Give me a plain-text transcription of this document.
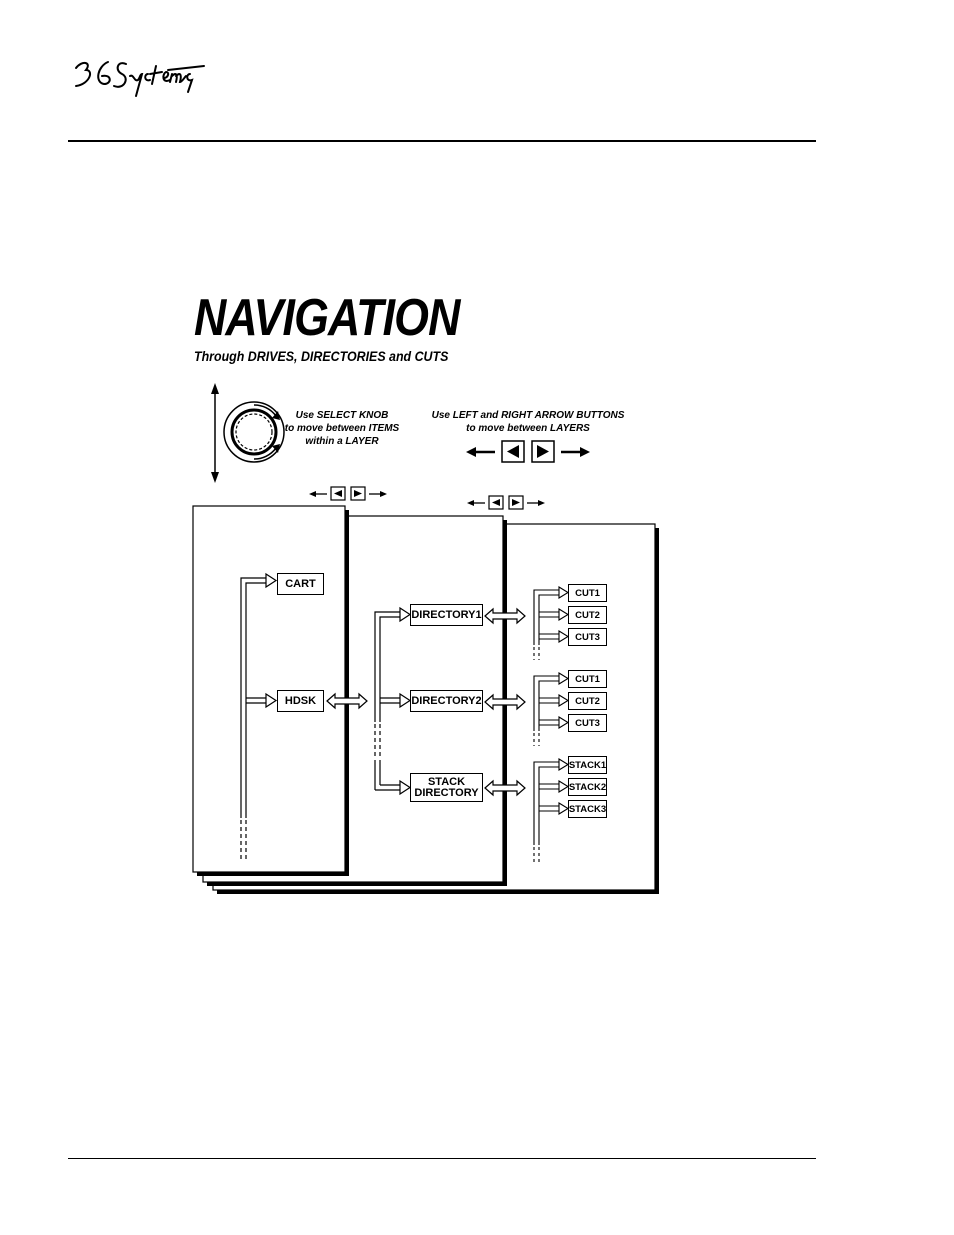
NAVIGATION
Through DRIVES, DIRECTORIES and CUTS
Use SELECT KNOB
to move between ITEMS
within a LAYER
Use LEFT and RIGHT ARROW BUTTONS
to move between LAYERS
CART
HDSK
DIRECTORY1
DIRECTORY2
STACK
DIRECTORY
CUT1
CUT2
CUT3
CUT1
CUT2
CUT3
STACK1
STACK2
STACK3
